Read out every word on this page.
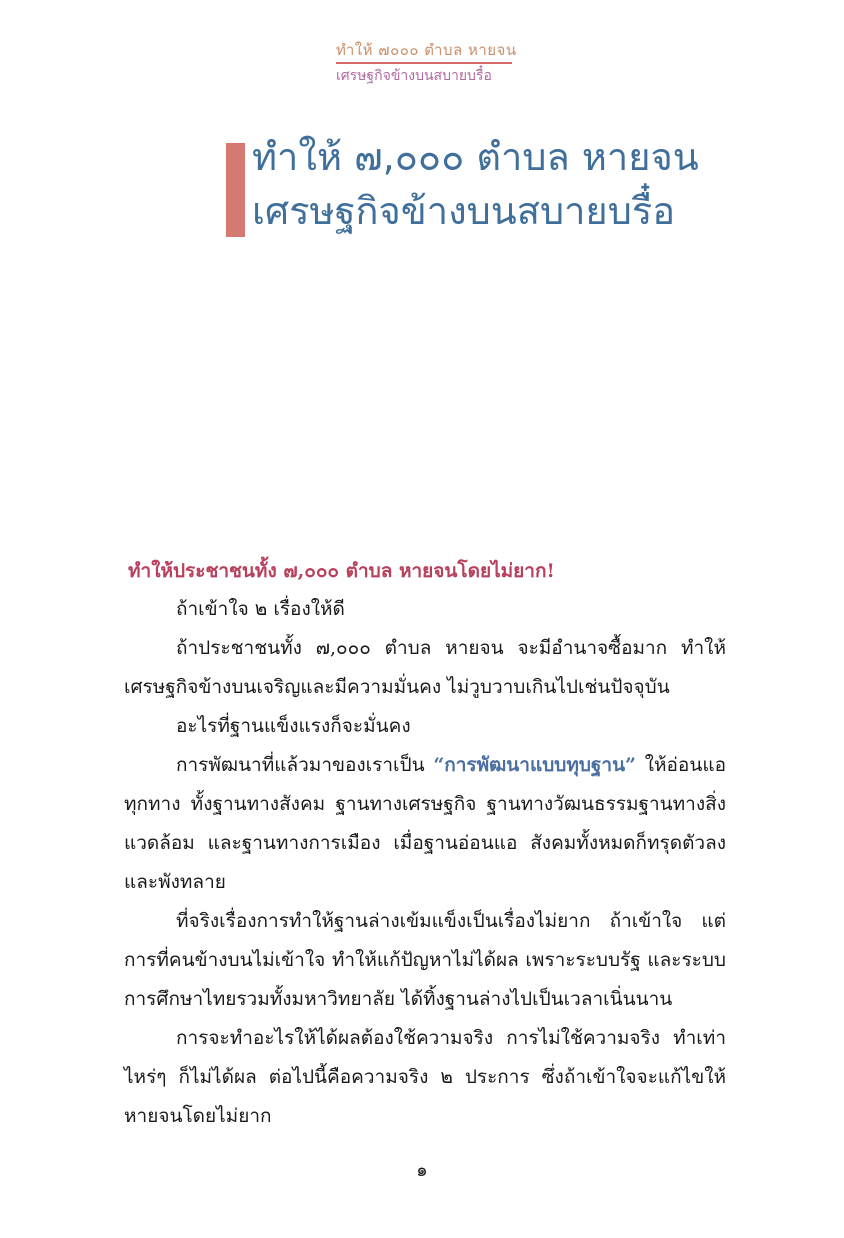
ทำให้ ๗๐๐๐ ตำบล หายจน
เศรษฐกิจข้างบนสบายบรื๋อ
ทำให้ ๗,๐๐๐ ตำบล หายจน
เศรษฐกิจข้างบนสบายบรื๋อ
ทำให้ประชาชนทั้ง ๗,๐๐๐ ตำบล หายจนโดยไม่ยาก!

ถ้าเข้าใจ ๒ เรื่องให้ดี

ถ้าประชาชนทั้ง ๗,๐๐๐ ตำบล หายจน จะมีอำนาจซื้อมาก ทำให้เศรษฐกิจข้างบนเจริญและมีความมั่นคง ไม่วูบวาบเกินไปเช่นปัจจุบัน

อะไรที่ฐานแข็งแรงก็จะมั่นคง

การพัฒนาที่แล้วมาของเราเป็น “การพัฒนาแบบทุบฐาน” ให้อ่อนแอทุกทาง ทั้งฐานทางสังคม ฐานทางเศรษฐกิจ ฐานทางวัฒนธรรมฐานทางสิ่งแวดล้อม และฐานทางการเมือง เมื่อฐานอ่อนแอ สังคมทั้งหมดก็ทรุดตัวลง และพังทลาย

ที่จริงเรื่องการทำให้ฐานล่างเข้มแข็งเป็นเรื่องไม่ยาก ถ้าเข้าใจ แต่การที่คนข้างบนไม่เข้าใจ ทำให้แก้ปัญหาไม่ได้ผล เพราะระบบรัฐ และระบบการศึกษาไทยรวมทั้งมหาวิทยาลัย ได้ทิ้งฐานล่างไปเป็นเวลาเนิ่นนาน

การจะทำอะไรให้ได้ผลต้องใช้ความจริง การไม่ใช้ความจริง ทำเท่าไหร่ๆ ก็ไม่ได้ผล ต่อไปนี้คือความจริง ๒ ประการ ซึ่งถ้าเข้าใจจะแก้ไขให้หายจนโดยไม่ยาก

๑
